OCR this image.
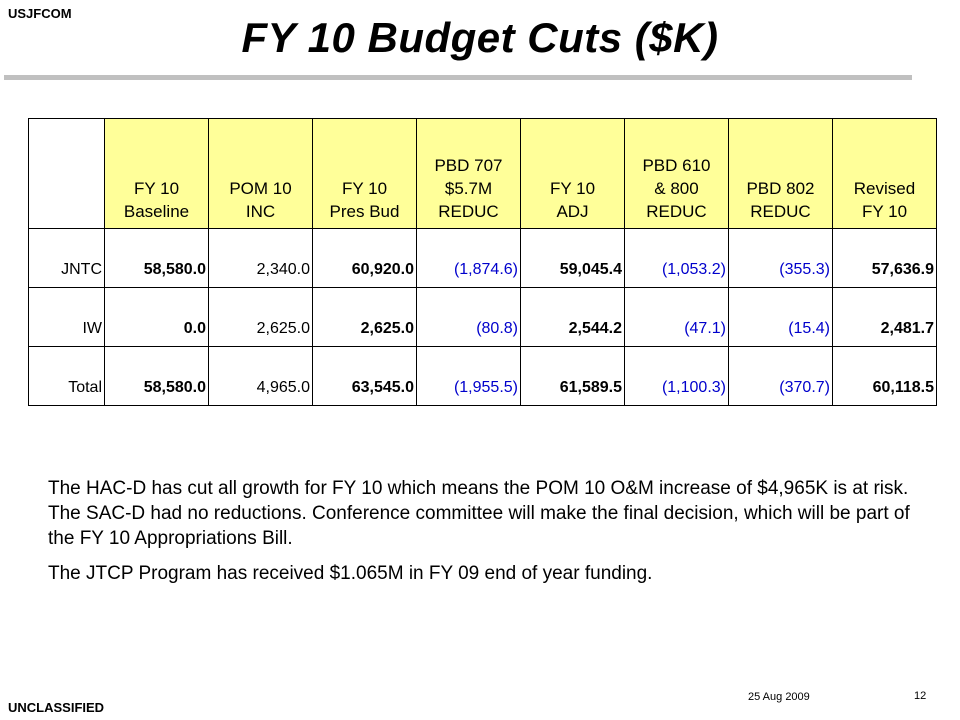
USJFCOM
FY 10 Budget Cuts ($K)
	FY 10
Baseline	POM 10
INC	FY 10
Pres Bud	PBD 707
$5.7M
REDUC	FY 10
ADJ	PBD 610
& 800
REDUC	PBD 802
REDUC	Revised
FY 10
JNTC	58,580.0	2,340.0	60,920.0	(1,874.6)	59,045.4	(1,053.2)	(355.3)	57,636.9
IW	0.0	2,625.0	2,625.0	(80.8)	2,544.2	(47.1)	(15.4)	2,481.7
Total	58,580.0	4,965.0	63,545.0	(1,955.5)	61,589.5	(1,100.3)	(370.7)	60,118.5

The HAC-D has cut all growth for FY 10 which means the POM 10 O&M increase of $4,965K is at risk. The SAC-D had no reductions. Conference committee will make the final decision, which will be part of the FY 10 Appropriations Bill.

The JTCP Program has received $1.065M in FY 09 end of year funding.

UNCLASSIFIED
25 Aug 2009	12
